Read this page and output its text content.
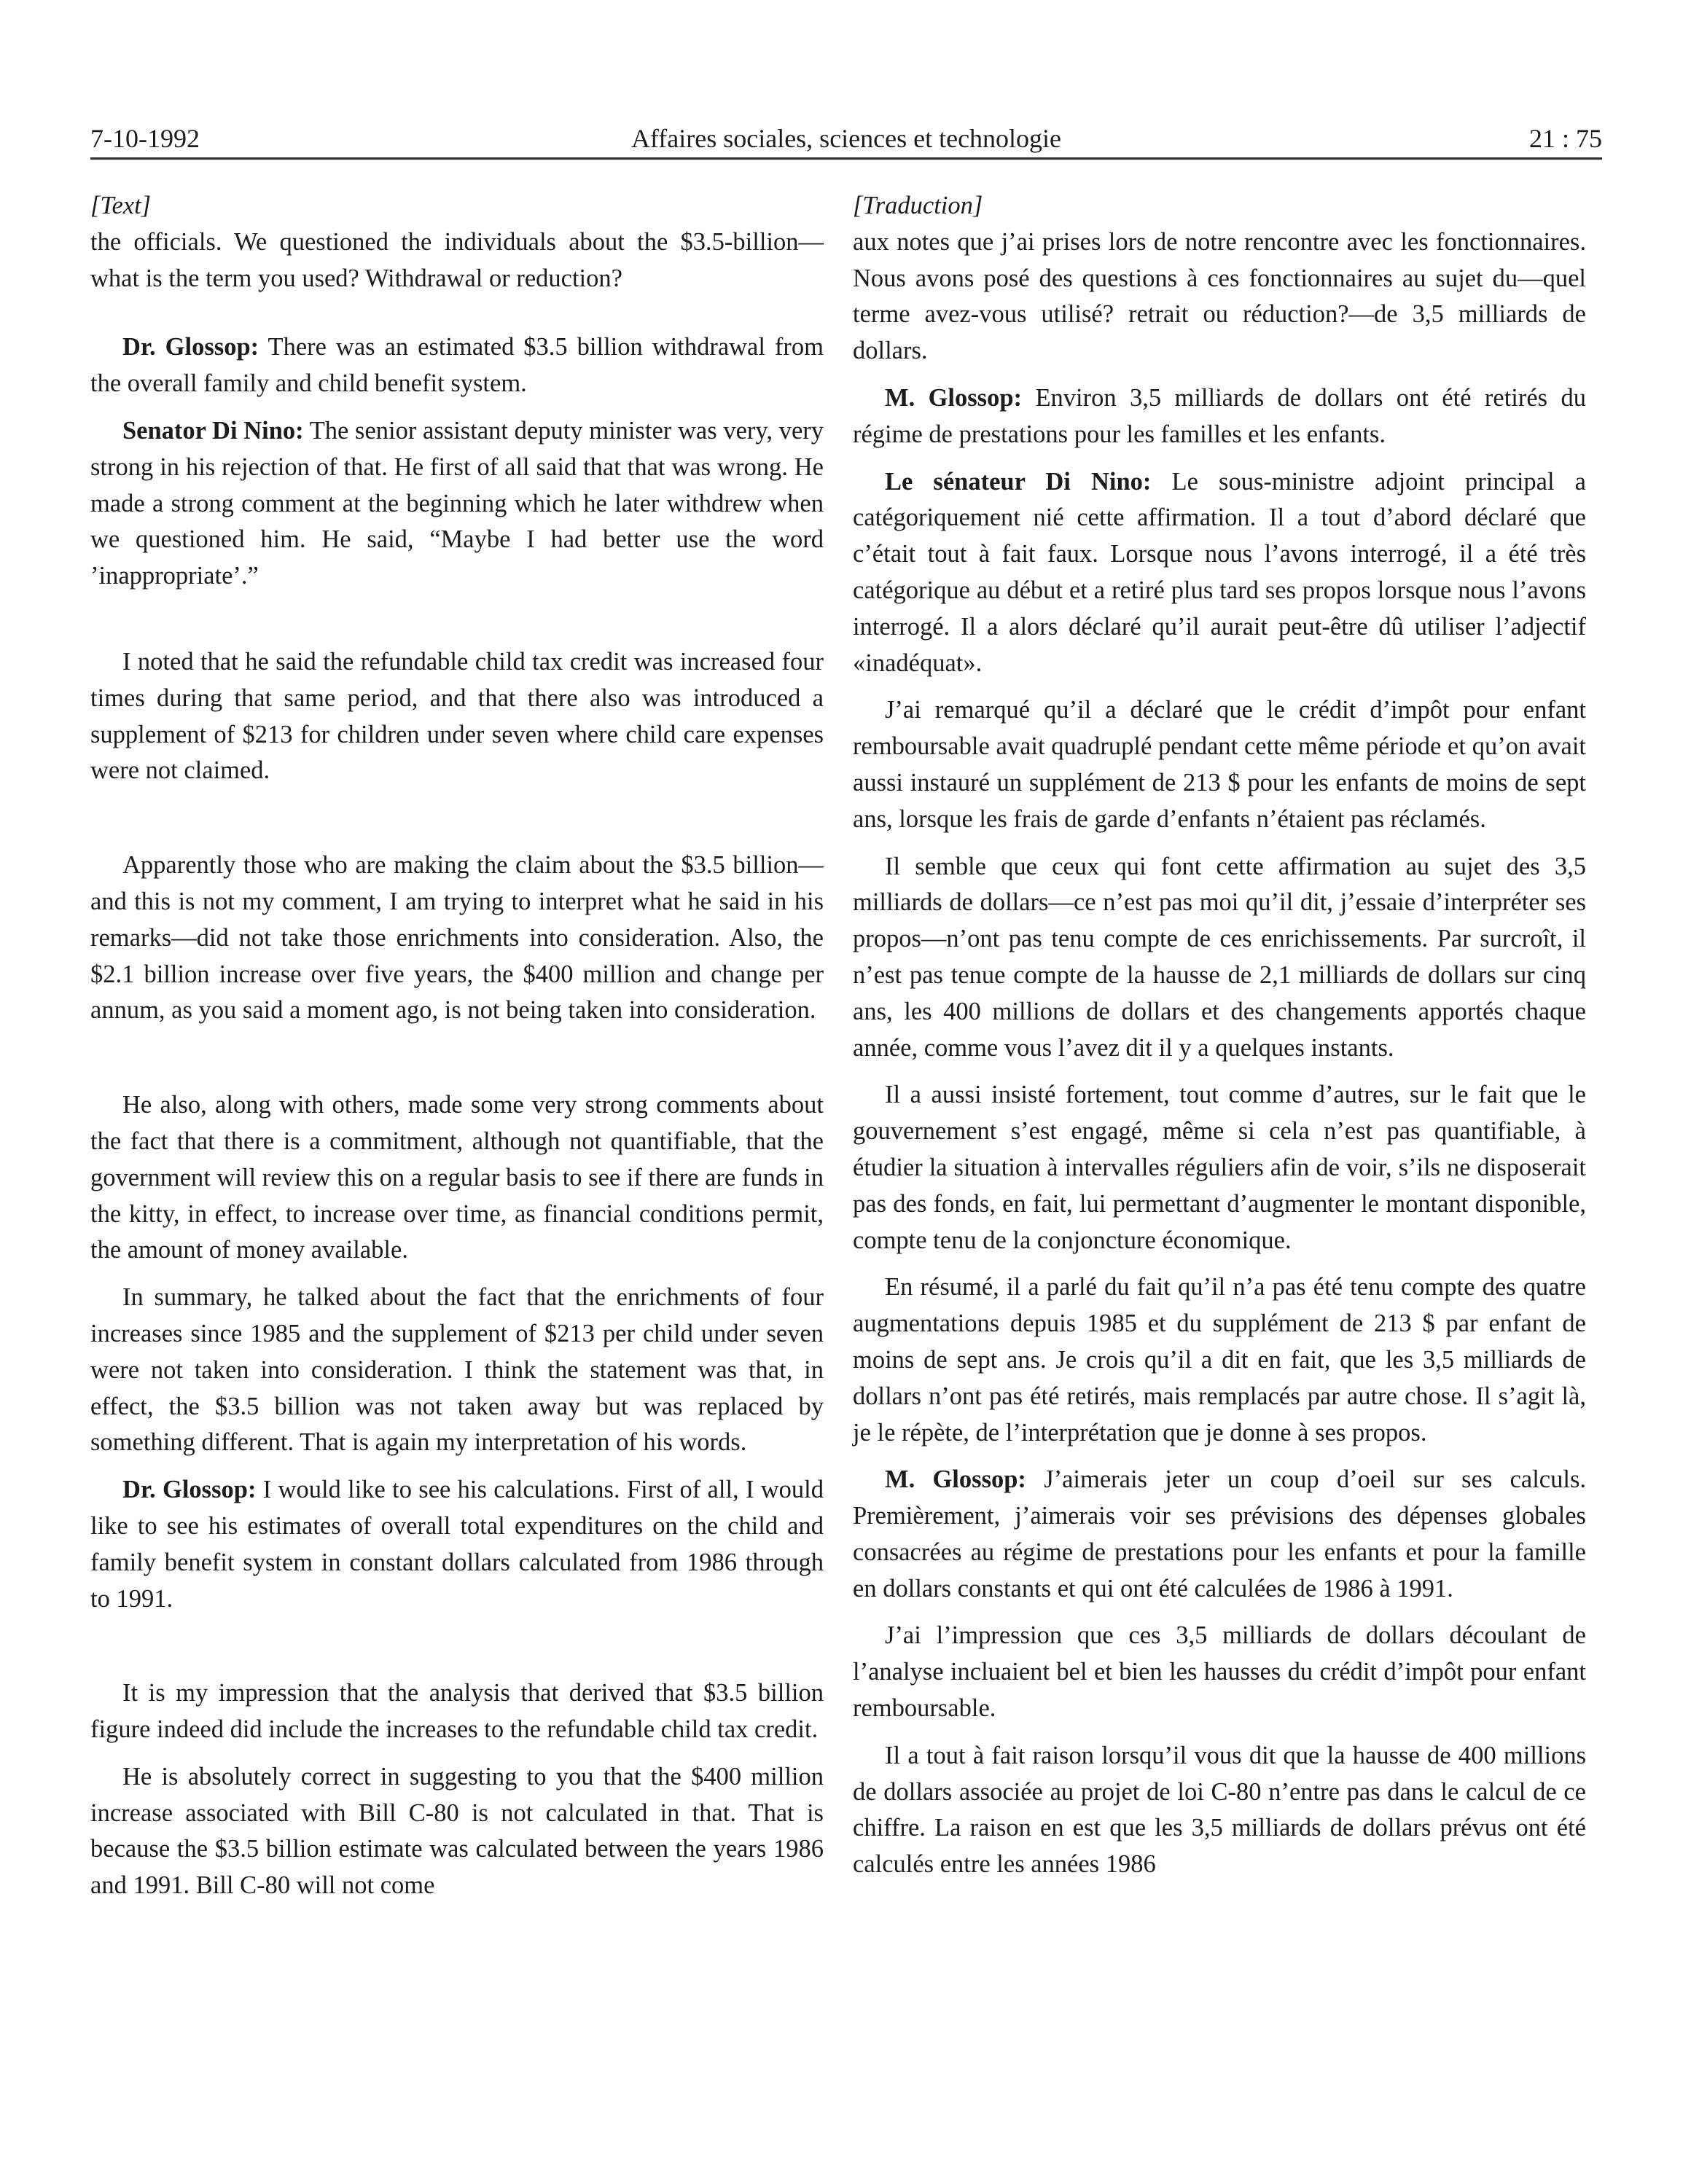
7-10-1992	Affaires sociales, sciences et technologie	21 : 75
[Text]

the officials. We questioned the individuals about the $3.5-billion— what is the term you used? Withdrawal or reduction?

Dr. Glossop: There was an estimated $3.5 billion withdrawal from the overall family and child benefit system.

Senator Di Nino: The senior assistant deputy minister was very, very strong in his rejection of that. He first of all said that that was wrong. He made a strong comment at the beginning which he later withdrew when we questioned him. He said, “Maybe I had better use the word ’inappropriate’.”

I noted that he said the refundable child tax credit was increased four times during that same period, and that there also was introduced a supplement of $213 for children under seven where child care expenses were not claimed.

Apparently those who are making the claim about the $3.5 billion—and this is not my comment, I am trying to interpret what he said in his remarks—did not take those enrichments into consideration. Also, the $2.1 billion increase over five years, the $400 million and change per annum, as you said a moment ago, is not being taken into consideration.

He also, along with others, made some very strong comments about the fact that there is a commitment, although not quantifiable, that the government will review this on a regular basis to see if there are funds in the kitty, in effect, to increase over time, as financial conditions permit, the amount of money available.

In summary, he talked about the fact that the enrichments of four increases since 1985 and the supplement of $213 per child under seven were not taken into consideration. I think the statement was that, in effect, the $3.5 billion was not taken away but was replaced by something different. That is again my interpretation of his words.

Dr. Glossop: I would like to see his calculations. First of all, I would like to see his estimates of overall total expenditures on the child and family benefit system in constant dollars calculated from 1986 through to 1991.

It is my impression that the analysis that derived that $3.5 billion figure indeed did include the increases to the refundable child tax credit.

He is absolutely correct in suggesting to you that the $400 million increase associated with Bill C-80 is not calculated in that. That is because the $3.5 billion estimate was calculated between the years 1986 and 1991. Bill C-80 will not come

[Traduction]

aux notes que j’ai prises lors de notre rencontre avec les fonctionnaires. Nous avons posé des questions à ces fonctionnaires au sujet du—quel terme avez-vous utilisé? retrait ou réduction?—de 3,5 milliards de dollars.

M. Glossop: Environ 3,5 milliards de dollars ont été retirés du régime de prestations pour les familles et les enfants.

Le sénateur Di Nino: Le sous-ministre adjoint principal a catégoriquement nié cette affirmation. Il a tout d’abord déclaré que c’était tout à fait faux. Lorsque nous l’avons interrogé, il a été très catégorique au début et a retiré plus tard ses propos lorsque nous l’avons interrogé. Il a alors déclaré qu’il aurait peut-être dû utiliser l’adjectif «inadéquat».

J’ai remarqué qu’il a déclaré que le crédit d’impôt pour enfant remboursable avait quadruplé pendant cette même période et qu’on avait aussi instauré un supplément de 213 $ pour les enfants de moins de sept ans, lorsque les frais de garde d’enfants n’étaient pas réclamés.

Il semble que ceux qui font cette affirmation au sujet des 3,5 milliards de dollars—ce n’est pas moi qu’il dit, j’essaie d’interpréter ses propos—n’ont pas tenu compte de ces enrichissements. Par surcroît, il n’est pas tenue compte de la hausse de 2,1 milliards de dollars sur cinq ans, les 400 millions de dollars et des changements apportés chaque année, comme vous l’avez dit il y a quelques instants.

Il a aussi insisté fortement, tout comme d’autres, sur le fait que le gouvernement s’est engagé, même si cela n’est pas quantifiable, à étudier la situation à intervalles réguliers afin de voir, s’ils ne disposerait pas des fonds, en fait, lui permettant d’augmenter le montant disponible, compte tenu de la conjoncture économique.

En résumé, il a parlé du fait qu’il n’a pas été tenu compte des quatre augmentations depuis 1985 et du supplément de 213 $ par enfant de moins de sept ans. Je crois qu’il a dit en fait, que les 3,5 milliards de dollars n’ont pas été retirés, mais remplacés par autre chose. Il s’agit là, je le répète, de l’interprétation que je donne à ses propos.

M. Glossop: J’aimerais jeter un coup d’oeil sur ses calculs. Premièrement, j’aimerais voir ses prévisions des dépenses globales consacrées au régime de prestations pour les enfants et pour la famille en dollars constants et qui ont été calculées de 1986 à 1991.

J’ai l’impression que ces 3,5 milliards de dollars découlant de l’analyse incluaient bel et bien les hausses du crédit d’impôt pour enfant remboursable.

Il a tout à fait raison lorsqu’il vous dit que la hausse de 400 millions de dollars associée au projet de loi C-80 n’entre pas dans le calcul de ce chiffre. La raison en est que les 3,5 milliards de dollars prévus ont été calculés entre les années 1986
